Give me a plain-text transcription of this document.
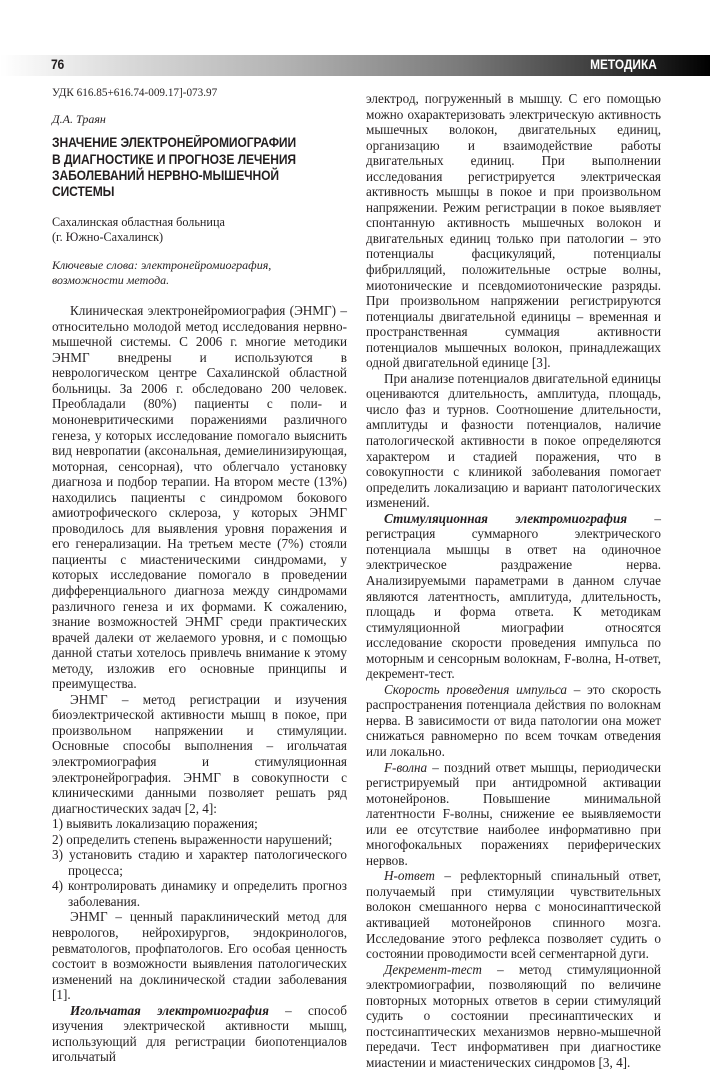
76	МЕТОДИКА
УДК 616.85+616.74-009.17]-073.97
Д.А. Траян
ЗНАЧЕНИЕ ЭЛЕКТРОНЕЙРОМИОГРАФИИ
В ДИАГНОСТИКЕ И ПРОГНОЗЕ ЛЕЧЕНИЯ
ЗАБОЛЕВАНИЙ НЕРВНО-МЫШЕЧНОЙ
СИСТЕМЫ
Сахалинская областная больница
(г. Южно-Сахалинск)
Ключевые слова: электронейромиография,
возможности метода.

Клиническая электронейромиография (ЭНМГ) – относительно молодой метод исследования нервно-мышечной системы. С 2006 г. многие методики ЭНМГ внедрены и используются в неврологическом центре Сахалинской областной больницы. За 2006 г. обследовано 200 человек. Преобладали (80%) пациенты с поли- и мононевритическими поражениями различного генеза, у которых исследование помогало выяснить вид невропатии (аксональная, демиелинизирующая, моторная, сенсорная), что облегчало установку диагноза и подбор терапии. На втором месте (13%) находились пациенты с синдромом бокового амиотрофического склероза, у которых ЭНМГ проводилось для выявления уровня поражения и его генерализации. На третьем месте (7%) стояли пациенты с миастеническими синдромами, у которых исследование помогало в проведении дифференциального диагноза между синдромами различного генеза и их формами. К сожалению, знание возможностей ЭНМГ среди практических врачей далеки от желаемого уровня, и с помощью данной статьи хотелось привлечь внимание к этому методу, изложив его основные принципы и преимущества.

ЭНМГ – метод регистрации и изучения биоэлектрической активности мышц в покое, при произвольном напряжении и стимуляции. Основные способы выполнения – игольчатая электромиография и стимуляционная электронейрография. ЭНМГ в совокупности с клиническими данными позволяет решать ряд диагностических задач [2, 4]:

1) выявить локализацию поражения;
2) определить степень выраженности нарушений;
3) установить стадию и характер патологического процесса;
4) контролировать динамику и определить прогноз заболевания.

ЭНМГ – ценный параклинический метод для неврологов, нейрохирургов, эндокринологов, ревматологов, профпатологов. Его особая ценность состоит в возможности выявления патологических изменений на доклинической стадии заболевания [1].

Игольчатая электромиография – способ изучения электрической активности мышц, использующий для регистрации биопотенциалов игольчатый

электрод, погруженный в мышцу. С его помощью можно охарактеризовать электрическую активность мышечных волокон, двигательных единиц, организацию и взаимодействие работы двигательных единиц. При выполнении исследования регистрируется электрическая активность мышцы в покое и при произвольном напряжении. Режим регистрации в покое выявляет спонтанную активность мышечных волокон и двигательных единиц только при патологии – это потенциалы фасцикуляций, потенциалы фибрилляций, положительные острые волны, миотонические и псевдомиотонические разряды. При произвольном напряжении регистрируются потенциалы двигательной единицы – временная и пространственная суммация активности потенциалов мышечных волокон, принадлежащих одной двигательной единице [3].

При анализе потенциалов двигательной единицы оцениваются длительность, амплитуда, площадь, число фаз и турнов. Соотношение длительности, амплитуды и фазности потенциалов, наличие патологической активности в покое определяются характером и стадией поражения, что в совокупности с клиникой заболевания помогает определить локализацию и вариант патологических изменений.

Стимуляционная электромиография – регистрация суммарного электрического потенциала мышцы в ответ на одиночное электрическое раздражение нерва. Анализируемыми параметрами в данном случае являются латентность, амплитуда, длительность, площадь и форма ответа. К методикам стимуляционной миографии относятся исследование скорости проведения импульса по моторным и сенсорным волокнам, F-волна, H-ответ, декремент-тест.

Скорость проведения импульса – это скорость распространения потенциала действия по волокнам нерва. В зависимости от вида патологии она может снижаться равномерно по всем точкам отведения или локально.

F-волна – поздний ответ мышцы, периодически регистрируемый при антидромной активации мотонейронов. Повышение минимальной латентности F-волны, снижение ее выявляемости или ее отсутствие наиболее информативно при многофокальных поражениях периферических нервов.

H-ответ – рефлекторный спинальный ответ, получаемый при стимуляции чувствительных волокон смешанного нерва с моносинаптической активацией мотонейронов спинного мозга. Исследование этого рефлекса позволяет судить о состоянии проводимости всей сегментарной дуги.

Декремент-тест – метод стимуляционной электромиографии, позволяющий по величине повторных моторных ответов в серии стимуляций судить о состоянии пресинаптических и постсинаптических механизмов нервно-мышечной передачи. Тест информативен при диагностике миастении и миастенических синдромов [3, 4].
